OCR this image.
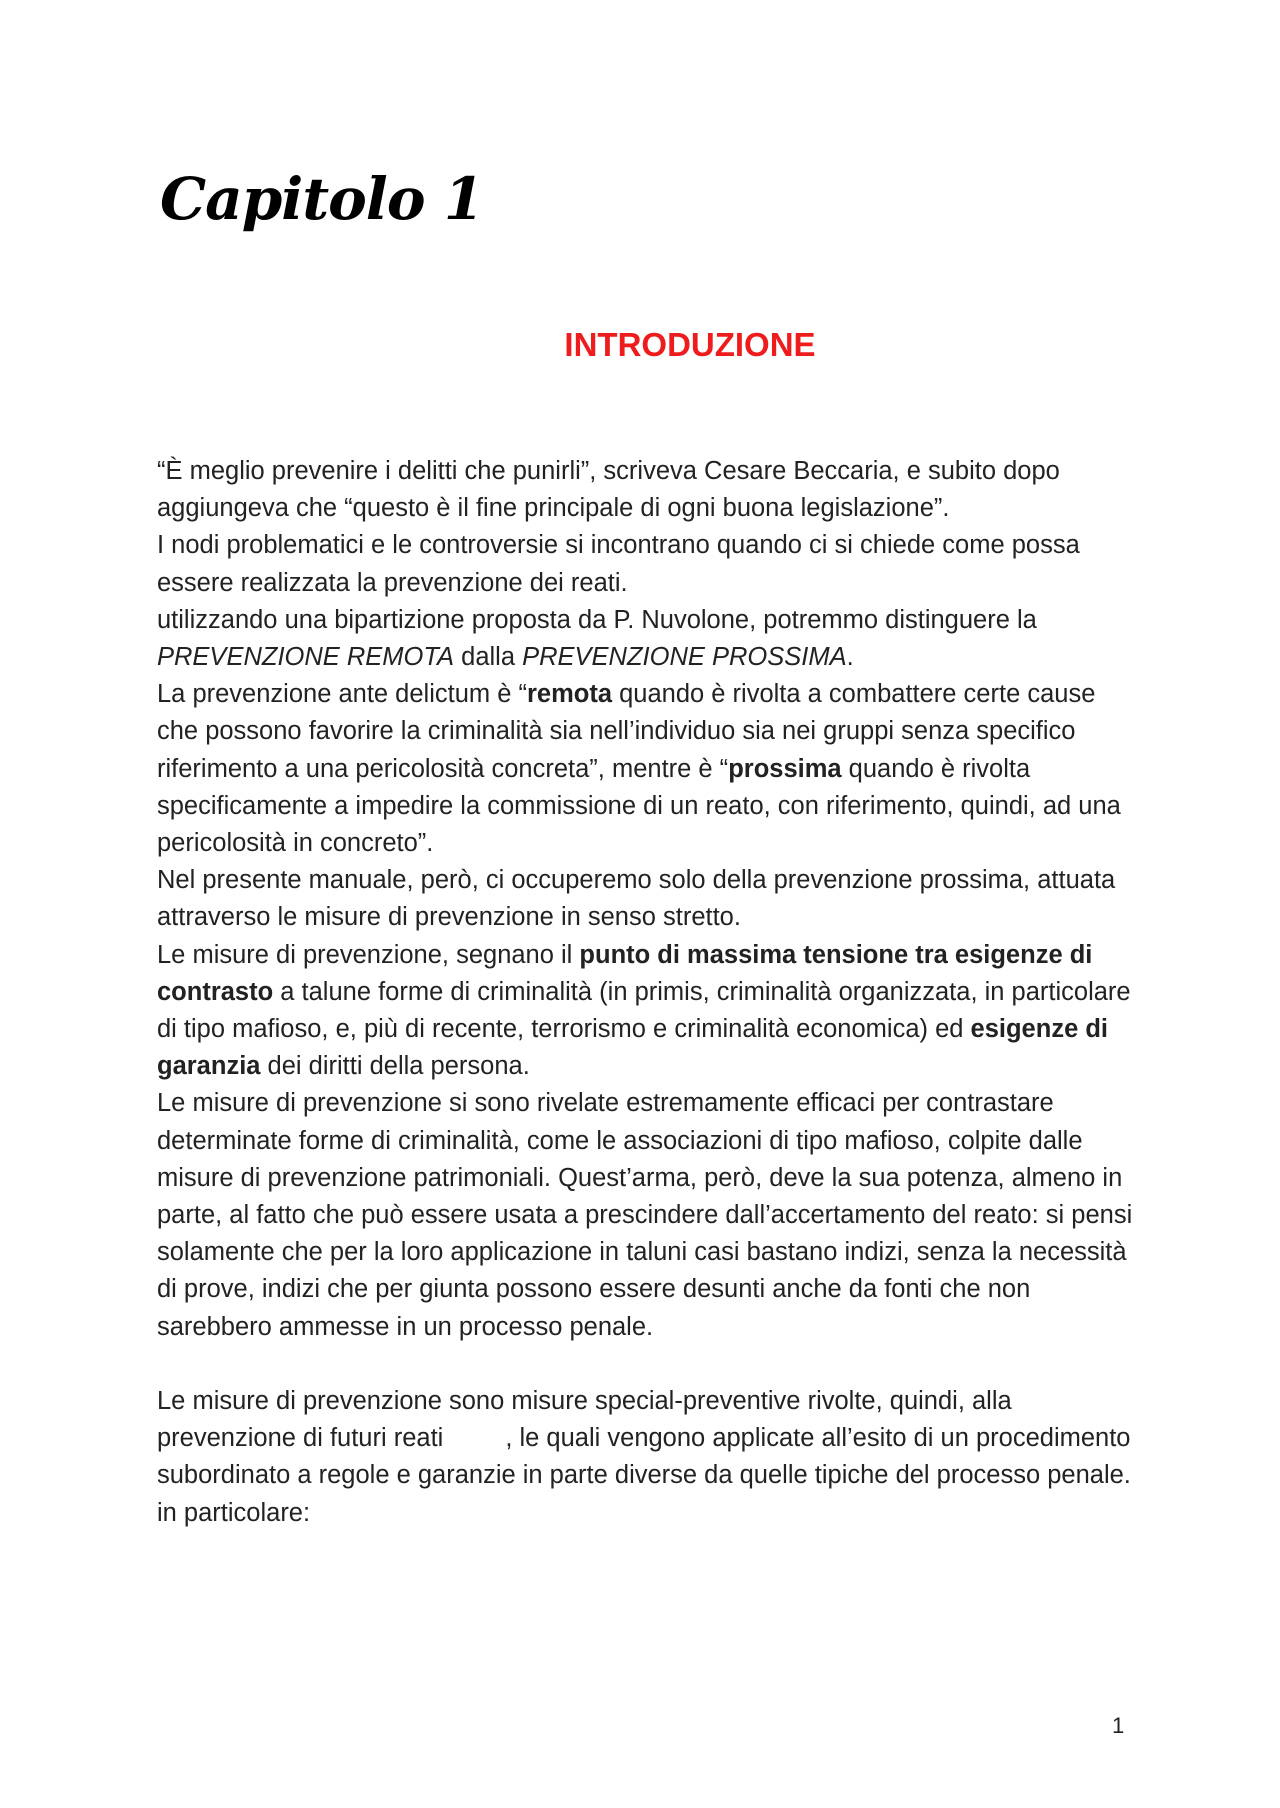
Capitolo 1
INTRODUZIONE

“È meglio prevenire i delitti che punirli”, scriveva Cesare Beccaria, e subito dopo aggiungeva che “questo è il fine principale di ogni buona legislazione”.

I nodi problematici e le controversie si incontrano quando ci si chiede come possa essere realizzata la prevenzione dei reati.

utilizzando una bipartizione proposta da P. Nuvolone, potremmo distinguere la PREVENZIONE REMOTA dalla PREVENZIONE PROSSIMA.

La prevenzione ante delictum è “remota quando è rivolta a combattere certe cause che possono favorire la criminalità sia nell’individuo sia nei gruppi senza specifico riferimento a una pericolosità concreta”, mentre è “prossima quando è rivolta specificamente a impedire la commissione di un reato, con riferimento, quindi, ad una pericolosità in concreto”.

Nel presente manuale, però, ci occuperemo solo della prevenzione prossima, attuata attraverso le misure di prevenzione in senso stretto.

Le misure di prevenzione, segnano il punto di massima tensione tra esigenze di contrasto a talune forme di criminalità (in primis, criminalità organizzata, in particolare di tipo mafioso, e, più di recente, terrorismo e criminalità economica) ed esigenze di garanzia dei diritti della persona.

Le misure di prevenzione si sono rivelate estremamente efficaci per contrastare determinate forme di criminalità, come le associazioni di tipo mafioso, colpite dalle misure di prevenzione patrimoniali. Quest’arma, però, deve la sua potenza, almeno in parte, al fatto che può essere usata a prescindere dall’accertamento del reato: si pensi solamente che per la loro applicazione in taluni casi bastano indizi, senza la necessità di prove, indizi che per giunta possono essere desunti anche da fonti che non sarebbero ammesse in un processo penale.

Le misure di prevenzione sono misure special-preventive rivolte, quindi, alla prevenzione di futuri reati , le quali vengono applicate all’esito di un procedimento subordinato a regole e garanzie in parte diverse da quelle tipiche del processo penale.

in particolare:

1
